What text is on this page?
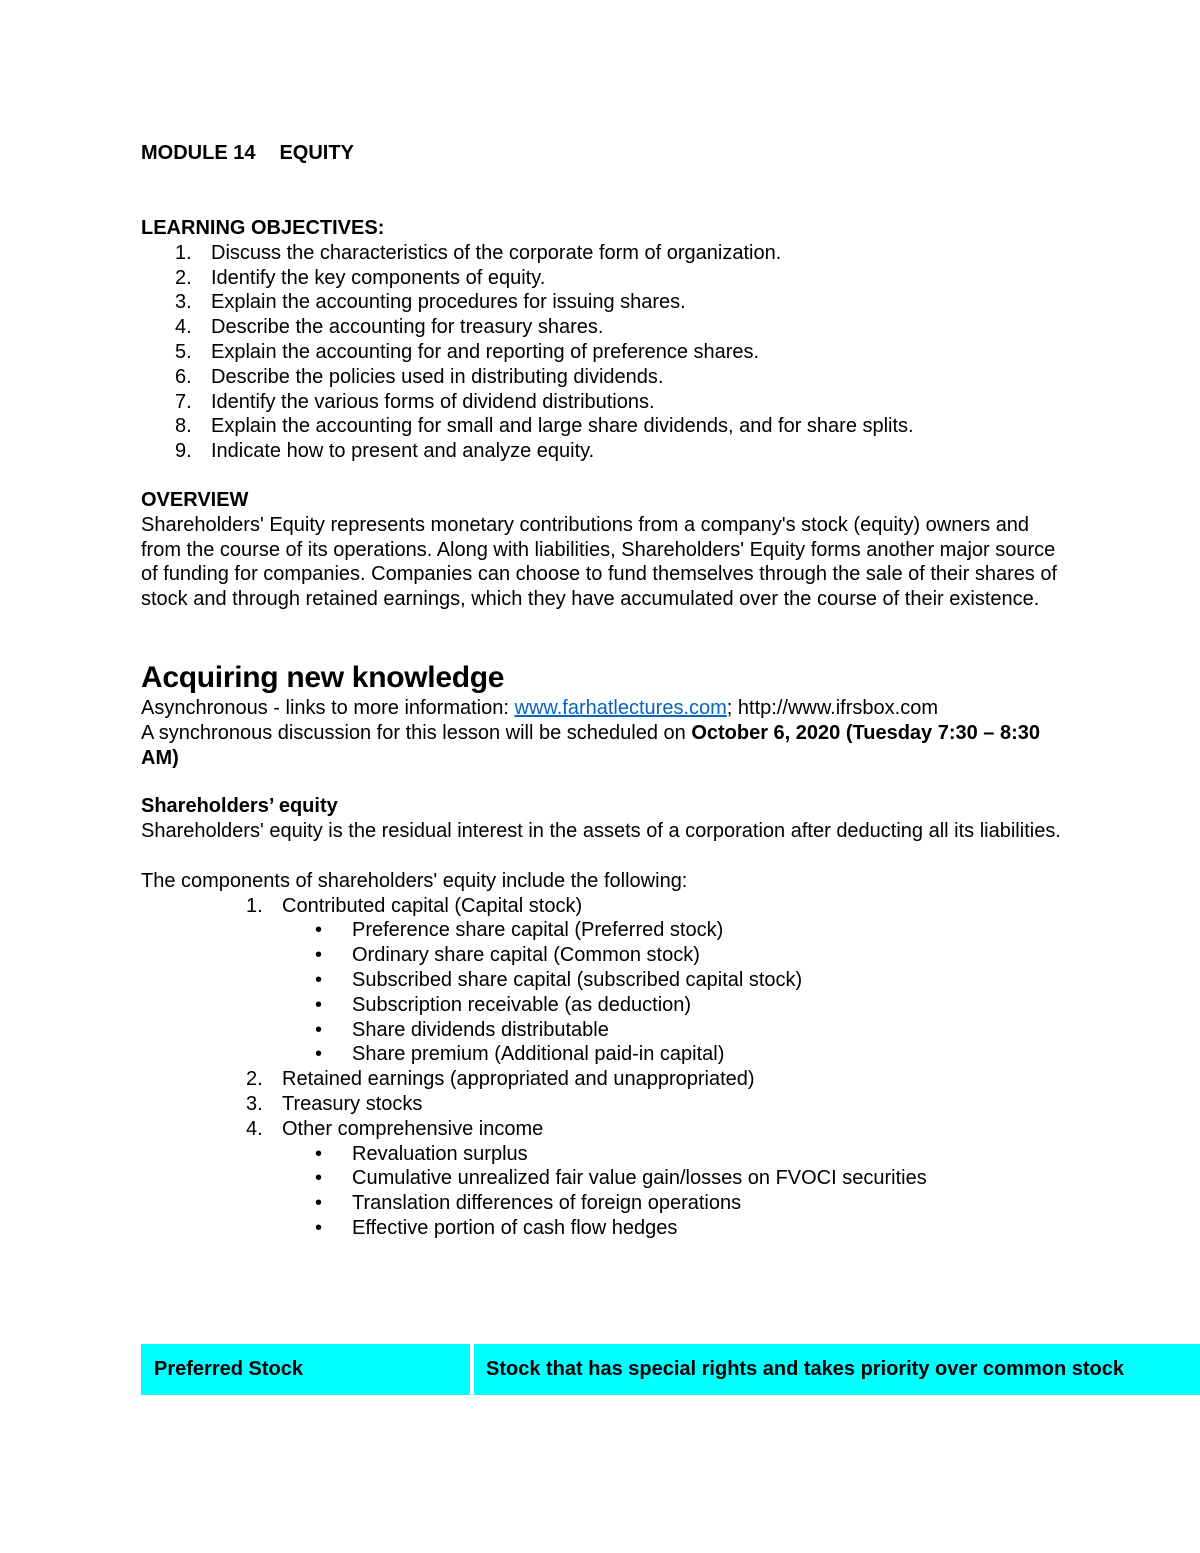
MODULE 14 EQUITY
LEARNING OBJECTIVES:
1. Discuss the characteristics of the corporate form of organization.
2. Identify the key components of equity.
3. Explain the accounting procedures for issuing shares.
4. Describe the accounting for treasury shares.
5. Explain the accounting for and reporting of preference shares.
6. Describe the policies used in distributing dividends.
7. Identify the various forms of dividend distributions.
8. Explain the accounting for small and large share dividends, and for share splits.
9. Indicate how to present and analyze equity.
OVERVIEW
Shareholders' Equity represents monetary contributions from a company's stock (equity) owners and from the course of its operations. Along with liabilities, Shareholders' Equity forms another major source of funding for companies. Companies can choose to fund themselves through the sale of their shares of stock and through retained earnings, which they have accumulated over the course of their existence.
Acquiring new knowledge
Asynchronous - links to more information: www.farhatlectures.com; http://www.ifrsbox.com
A synchronous discussion for this lesson will be scheduled on October 6, 2020 (Tuesday 7:30 – 8:30 AM)
Shareholders’ equity
Shareholders' equity is the residual interest in the assets of a corporation after deducting all its liabilities.
The components of shareholders' equity include the following:
1. Contributed capital (Capital stock)
• Preference share capital (Preferred stock)
• Ordinary share capital (Common stock)
• Subscribed share capital (subscribed capital stock)
• Subscription receivable (as deduction)
• Share dividends distributable
• Share premium (Additional paid-in capital)
2. Retained earnings (appropriated and unappropriated)
3. Treasury stocks
4. Other comprehensive income
• Revaluation surplus
• Cumulative unrealized fair value gain/losses on FVOCI securities
• Translation differences of foreign operations
• Effective portion of cash flow hedges
Preferred Stock	Stock that has special rights and takes priority over common stock
